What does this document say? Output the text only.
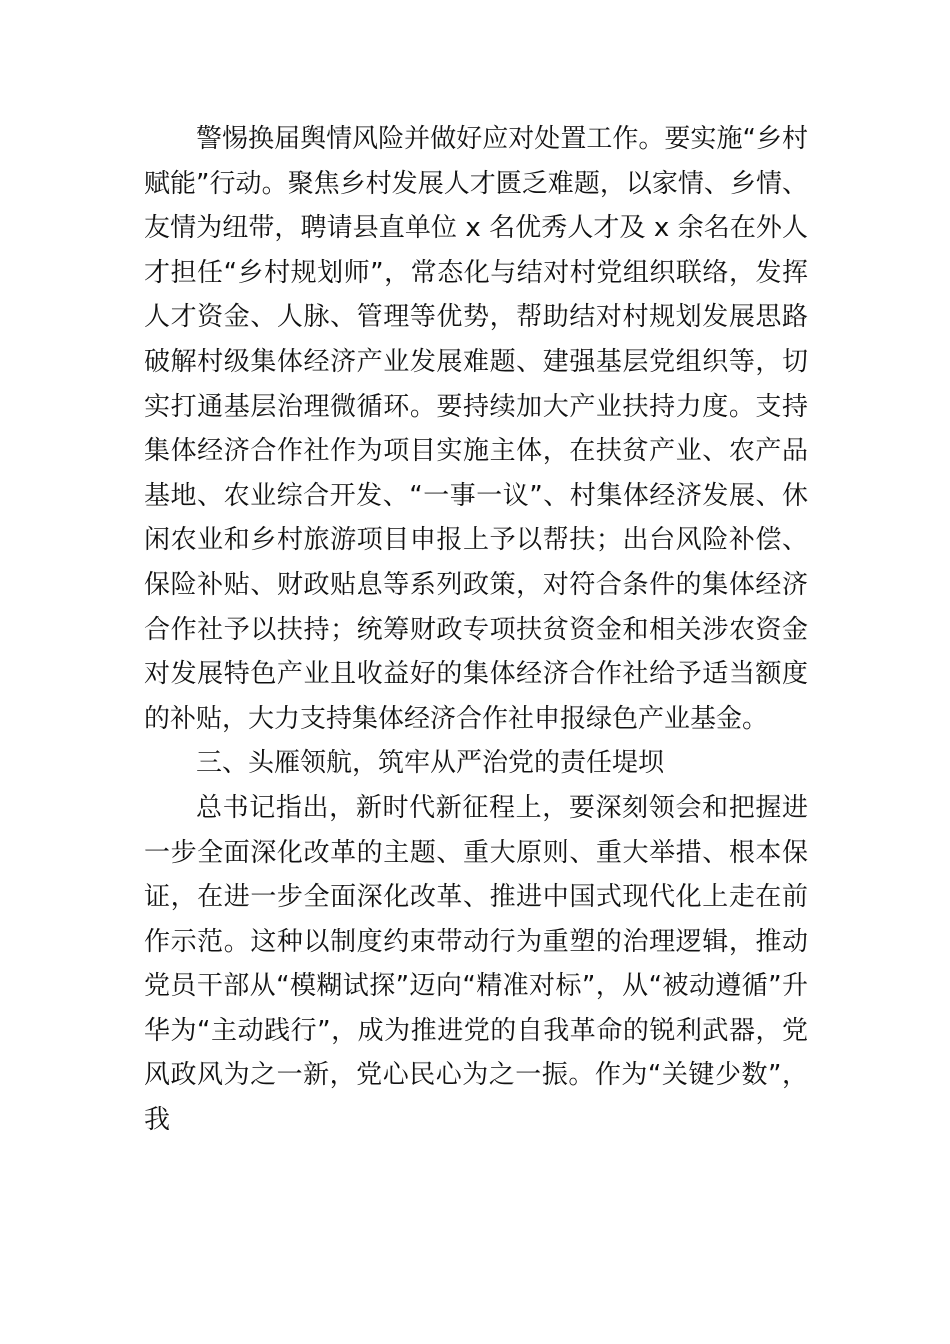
警惕换届舆情风险并做好应对处置工作。要实施“乡村
赋能”行动。聚焦乡村发展人才匮乏难题，以家情、乡情、
友情为纽带，聘请县直单位 x 名优秀人才及 x 余名在外人
才担任“乡村规划师”，常态化与结对村党组织联络，发挥
人才资金、人脉、管理等优势，帮助结对村规划发展思路
破解村级集体经济产业发展难题、建强基层党组织等，切
实打通基层治理微循环。要持续加大产业扶持力度。支持
集体经济合作社作为项目实施主体，在扶贫产业、农产品
基地、农业综合开发、“一事一议”、村集体经济发展、休
闲农业和乡村旅游项目申报上予以帮扶；出台风险补偿、
保险补贴、财政贴息等系列政策，对符合条件的集体经济
合作社予以扶持；统筹财政专项扶贫资金和相关涉农资金
对发展特色产业且收益好的集体经济合作社给予适当额度
的补贴，大力支持集体经济合作社申报绿色产业基金。
三、头雁领航，筑牢从严治党的责任堤坝
总书记指出，新时代新征程上，要深刻领会和把握进
一步全面深化改革的主题、重大原则、重大举措、根本保
证，在进一步全面深化改革、推进中国式现代化上走在前
作示范。这种以制度约束带动行为重塑的治理逻辑，推动
党员干部从“模糊试探”迈向“精准对标”，从“被动遵循”升
华为“主动践行”，成为推进党的自我革命的锐利武器，党
风政风为之一新，党心民心为之一振。作为“关键少数”，
我
